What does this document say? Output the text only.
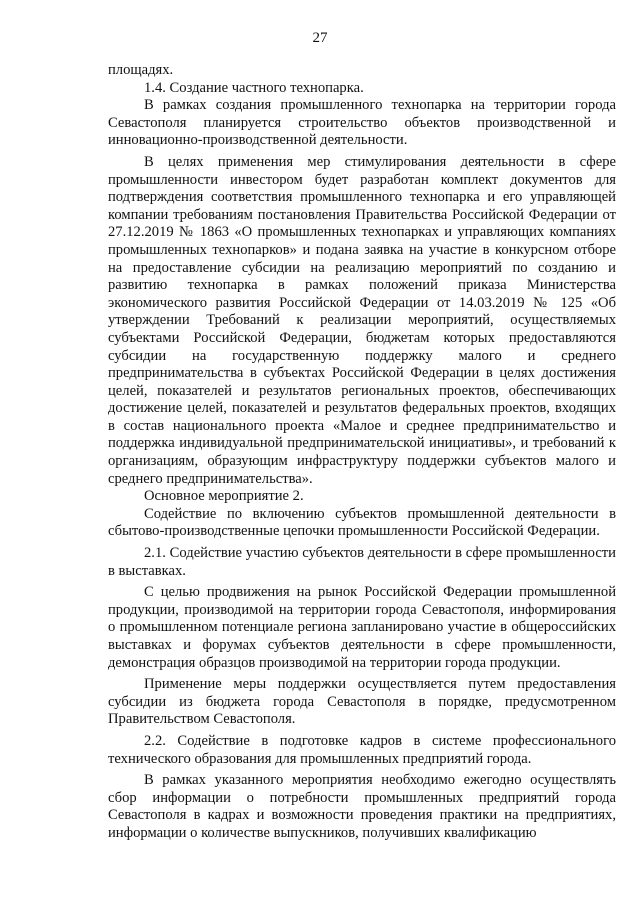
27

площадях.

1.4. Создание частного технопарка.

В рамках создания промышленного технопарка на территории города Севастополя планируется строительство объектов производственной и инновационно-производственной деятельности.

В целях применения мер стимулирования деятельности в сфере промышленности инвестором будет разработан комплект документов для подтверждения соответствия промышленного технопарка и его управляющей компании требованиям постановления Правительства Российской Федерации от 27.12.2019 № 1863 «О промышленных технопарках и управляющих компаниях промышленных технопарков» и подана заявка на участие в конкурсном отборе на предоставление субсидии на реализацию мероприятий по созданию и развитию технопарка в рамках положений приказа Министерства экономического развития Российской Федерации от 14.03.2019 № 125 «Об утверждении Требований к реализации мероприятий, осуществляемых субъектами Российской Федерации, бюджетам которых предоставляются субсидии на государственную поддержку малого и среднего предпринимательства в субъектах Российской Федерации в целях достижения целей, показателей и результатов региональных проектов, обеспечивающих достижение целей, показателей и результатов федеральных проектов, входящих в состав национального проекта «Малое и среднее предпринимательство и поддержка индивидуальной предпринимательской инициативы», и требований к организациям, образующим инфраструктуру поддержки субъектов малого и среднего предпринимательства».

Основное мероприятие 2.

Содействие по включению субъектов промышленной деятельности в сбытово-производственные цепочки промышленности Российской Федерации.

2.1. Содействие участию субъектов деятельности в сфере промышленности в выставках.

С целью продвижения на рынок Российской Федерации промышленной продукции, производимой на территории города Севастополя, информирования о промышленном потенциале региона запланировано участие в общероссийских выставках и форумах субъектов деятельности в сфере промышленности, демонстрация образцов производимой на территории города продукции.

Применение меры поддержки осуществляется путем предоставления субсидии из бюджета города Севастополя в порядке, предусмотренном Правительством Севастополя.

2.2. Содействие в подготовке кадров в системе профессионального технического образования для промышленных предприятий города.

В рамках указанного мероприятия необходимо ежегодно осуществлять сбор информации о потребности промышленных предприятий города Севастополя в кадрах и возможности проведения практики на предприятиях, информации о количестве выпускников, получивших квалификацию
